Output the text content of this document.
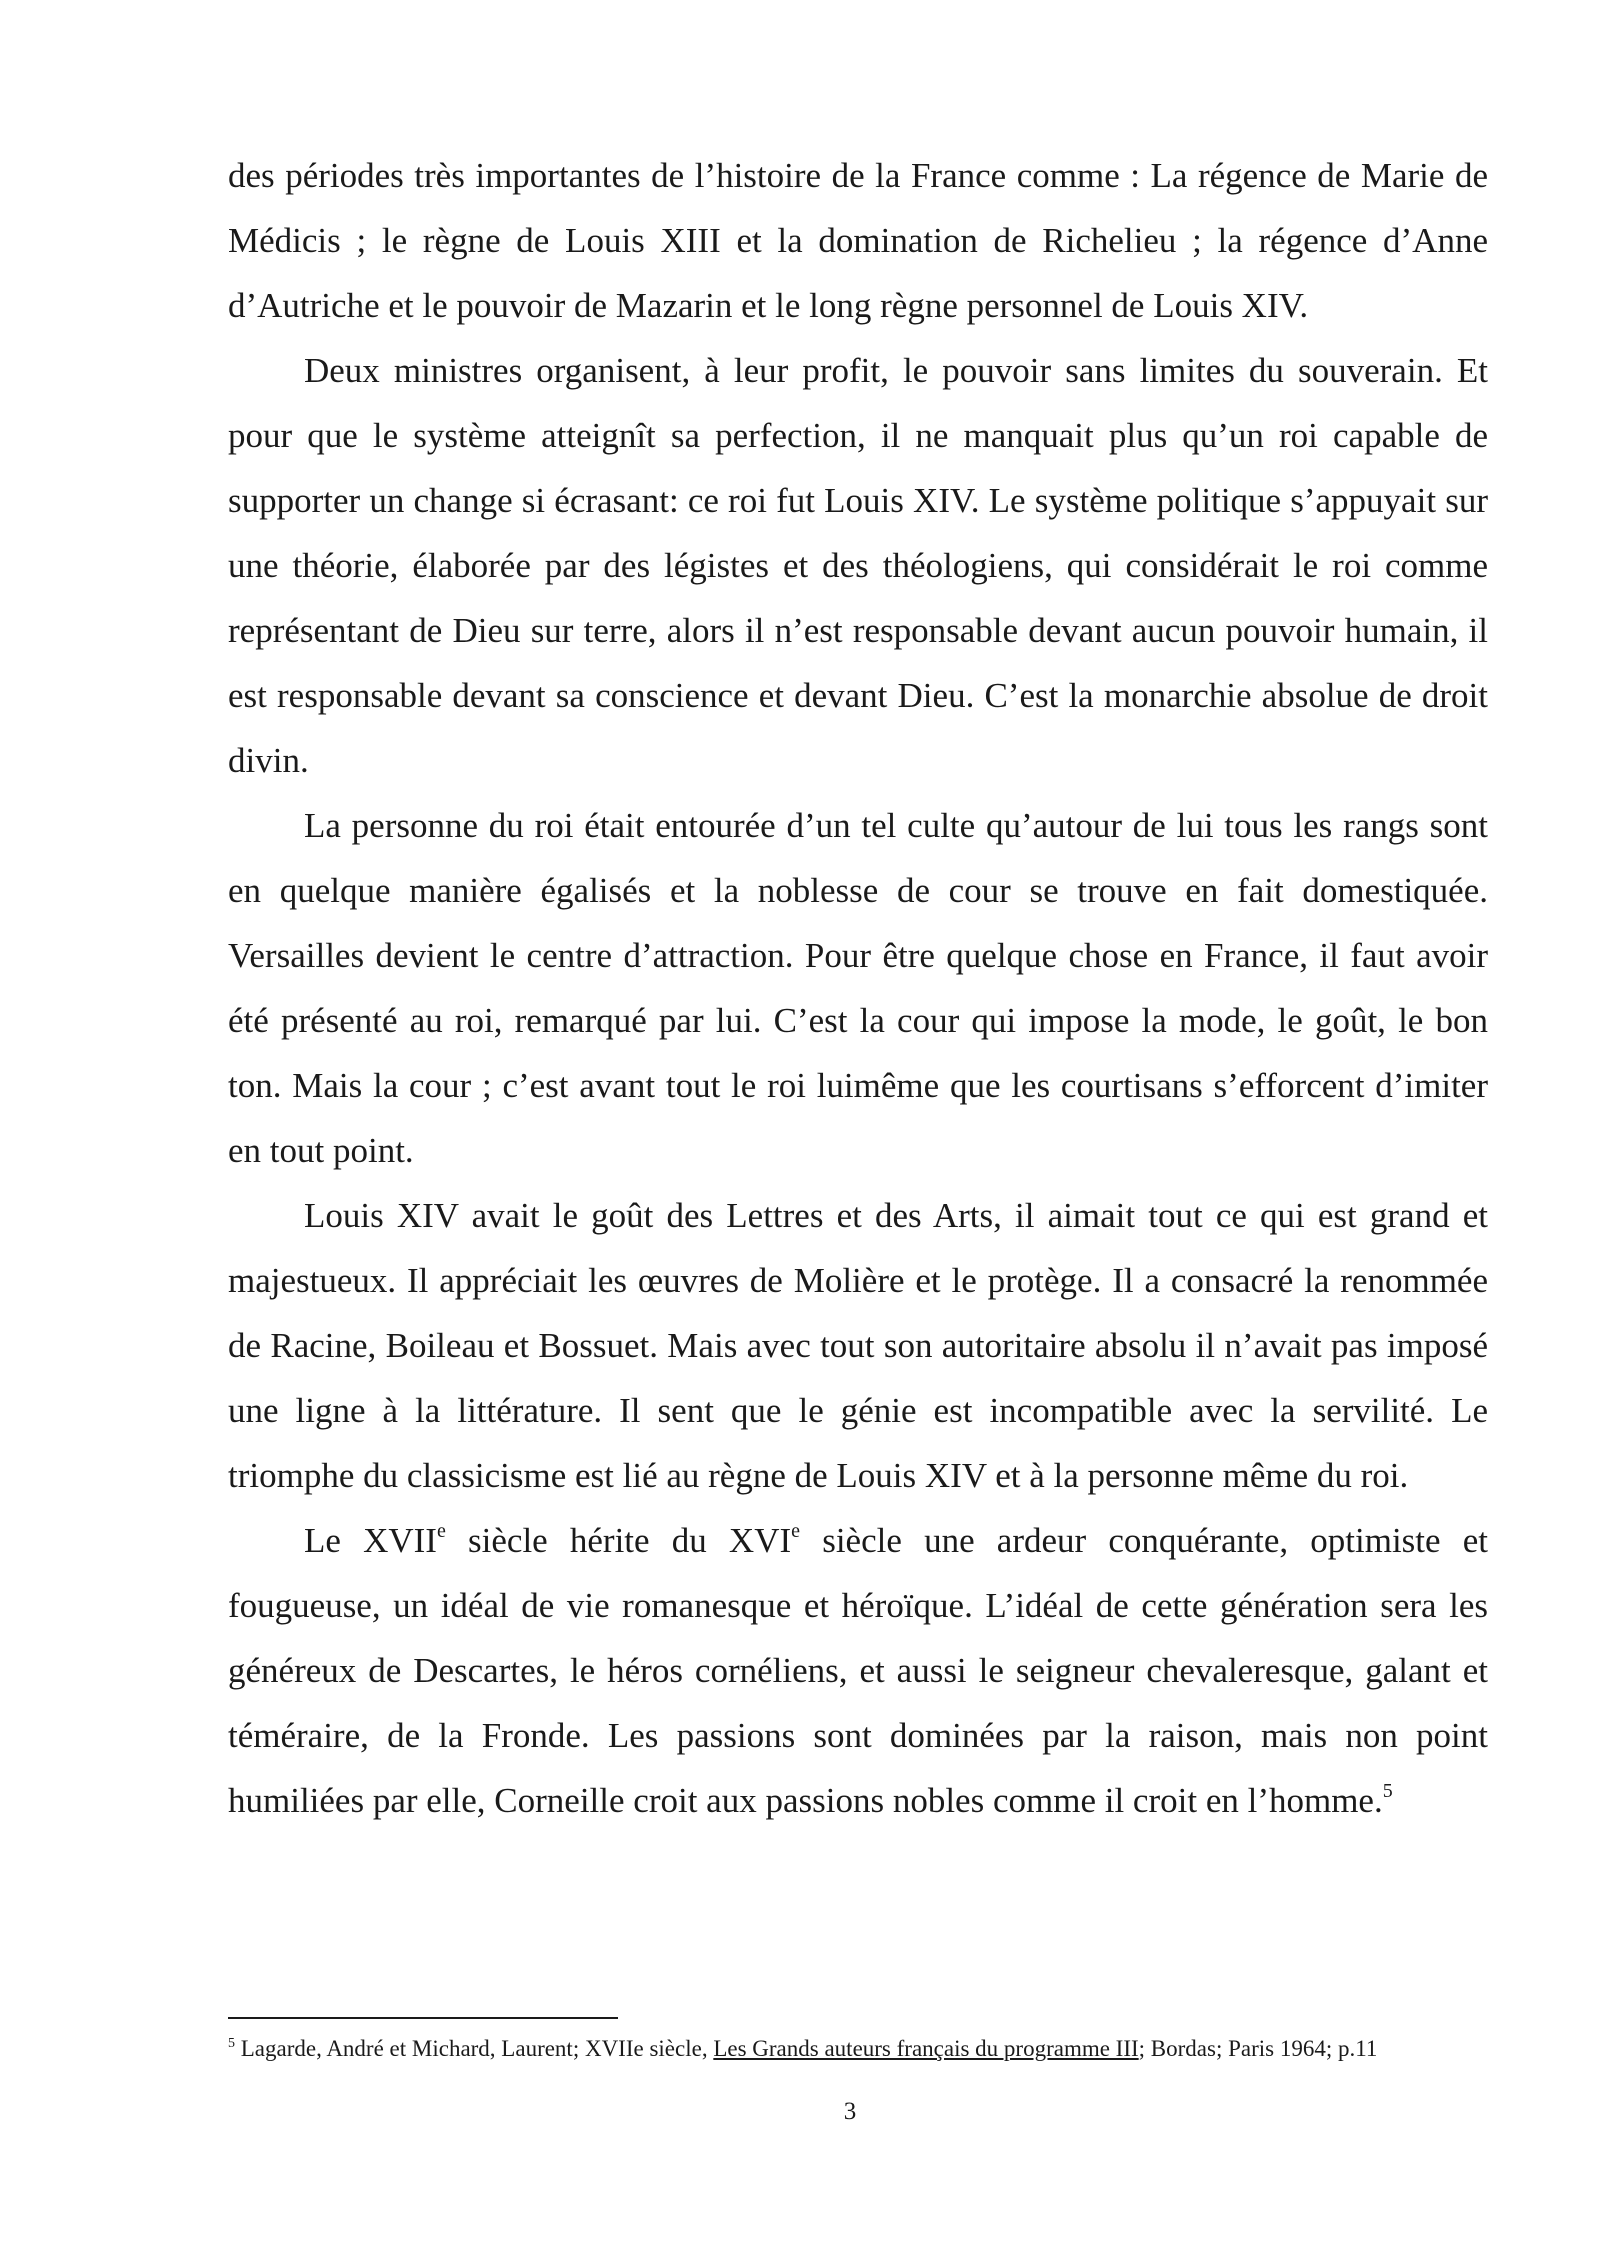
des périodes très importantes de l’histoire de la France comme : La régence de Marie de Médicis ; le règne de Louis XIII et la domination de Richelieu ; la régence d’Anne d’Autriche et le pouvoir de Mazarin et le long règne personnel de Louis XIV.

Deux ministres organisent, à leur profit, le pouvoir sans limites du souverain. Et pour que le système atteignît sa perfection, il ne manquait plus qu’un roi capable de supporter un change si écrasant: ce roi fut Louis XIV. Le système politique s’appuyait sur une théorie, élaborée par des légistes et des théologiens, qui considérait le roi comme représentant de Dieu sur terre, alors il n’est responsable devant aucun pouvoir humain, il est responsable devant sa conscience et devant Dieu. C’est la monarchie absolue de droit divin.

La personne du roi était entourée d’un tel culte qu’autour de lui tous les rangs sont en quelque manière égalisés et la noblesse de cour se trouve en fait domestiquée. Versailles devient le centre d’attraction. Pour être quelque chose en France, il faut avoir été présenté au roi, remarqué par lui. C’est la cour qui impose la mode, le goût, le bon ton. Mais la cour ; c’est avant tout le roi luimême que les courtisans s’efforcent d’imiter en tout point.

Louis XIV avait le goût des Lettres et des Arts, il aimait tout ce qui est grand et majestueux. Il appréciait les œuvres de Molière et le protège. Il a consacré la renommée de Racine, Boileau et Bossuet. Mais avec tout son autoritaire absolu il n’avait pas imposé une ligne à la littérature. Il sent que le génie est incompatible avec la servilité. Le triomphe du classicisme est lié au règne de Louis XIV et à la personne même du roi.

Le XVIIe siècle hérite du XVIe siècle une ardeur conquérante, optimiste et fougueuse, un idéal de vie romanesque et héroïque. L’idéal de cette génération sera les généreux de Descartes, le héros cornéliens, et aussi le seigneur chevaleresque, galant et téméraire, de la Fronde. Les passions sont dominées par la raison, mais non point humiliées par elle, Corneille croit aux passions nobles comme il croit en l’homme.$^5$

$^5$ Lagarde, André et Michard, Laurent; XVIIe siècle, Les Grands auteurs français du programme III; Bordas; Paris 1964; p.11
3
